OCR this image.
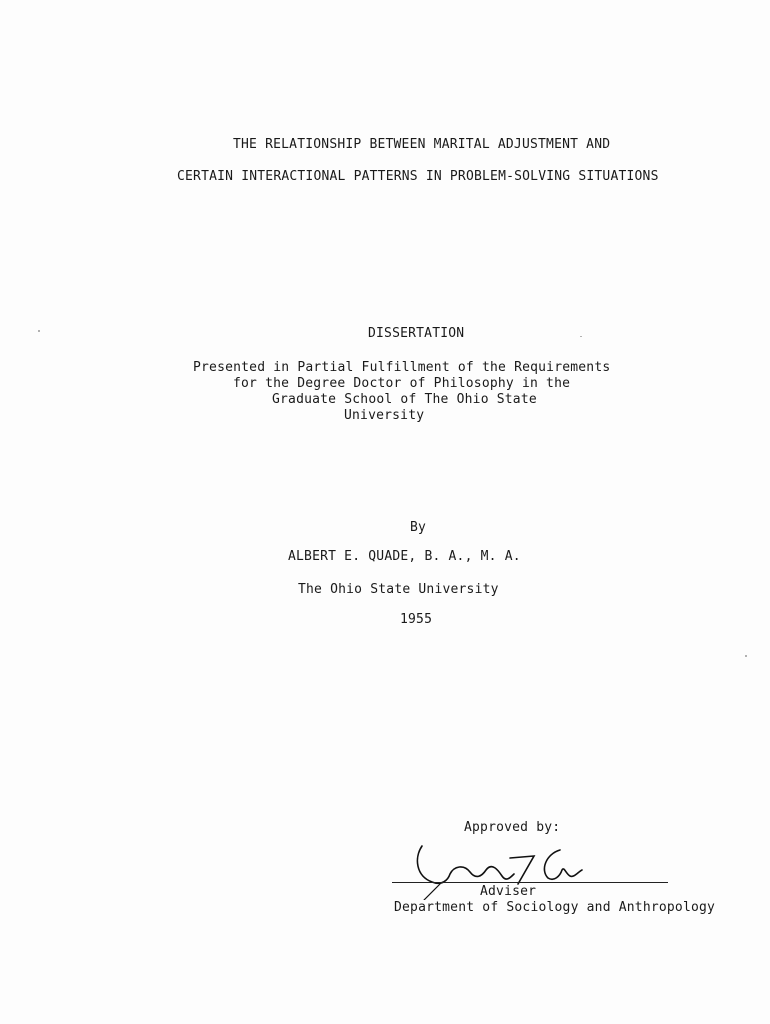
THE RELATIONSHIP BETWEEN MARITAL ADJUSTMENT AND
CERTAIN INTERACTIONAL PATTERNS IN PROBLEM-SOLVING SITUATIONS
DISSERTATION
Presented in Partial Fulfillment of the Requirements
for the Degree Doctor of Philosophy in the
Graduate School of The Ohio State
University
By
ALBERT E. QUADE, B. A., M. A.
The Ohio State University
1955
Approved by:
Adviser
Department of Sociology and Anthropology
